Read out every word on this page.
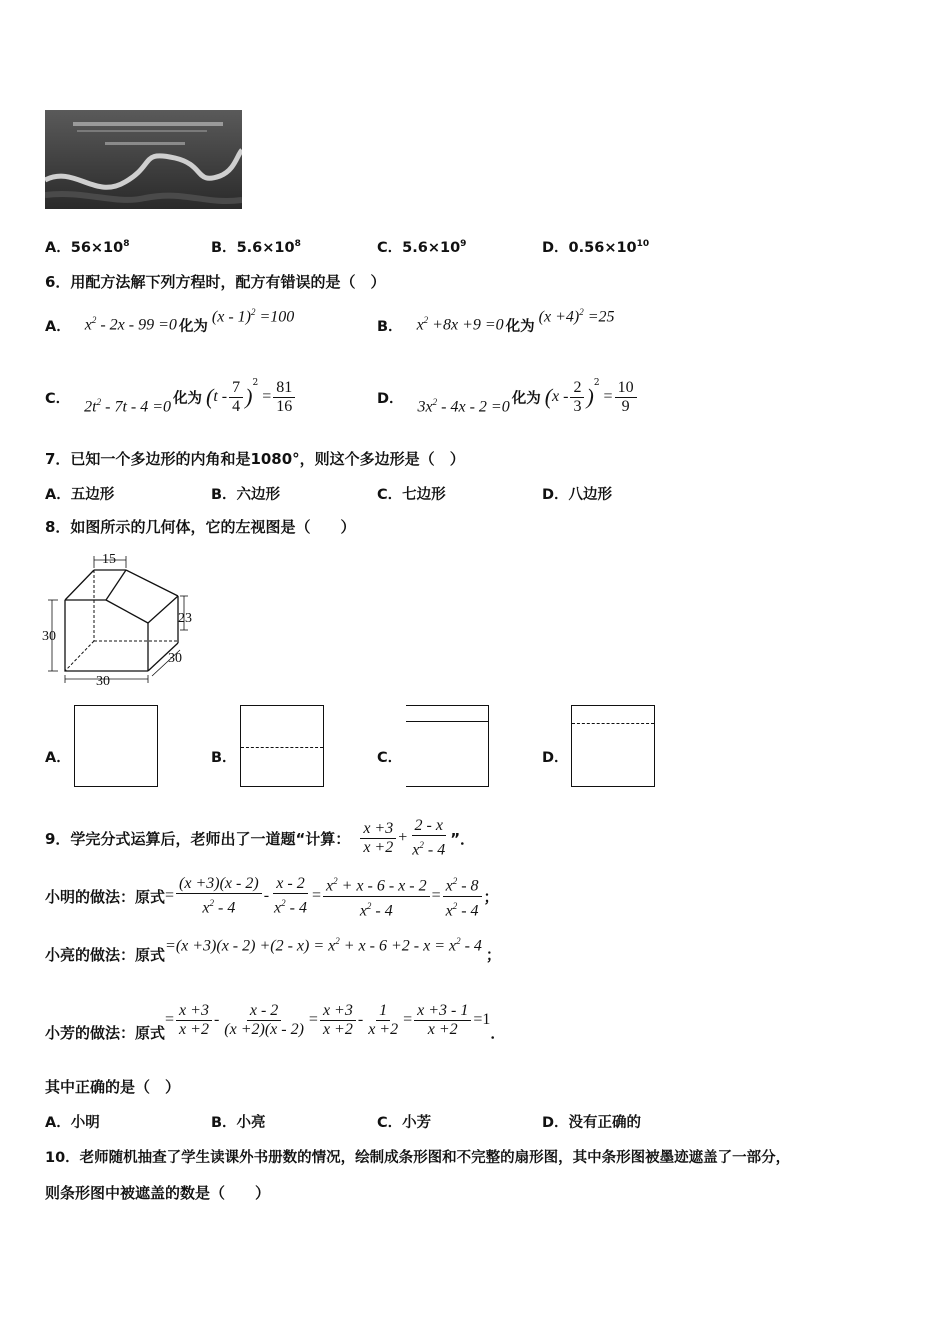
A．$56\times 10^8$	B．$5.6\times 10^8$	C．$5.6\times 10^9$	D．$0.56\times 10^{10}$
6．用配方法解下列方程时，配方有错误的是（　）
A． $x^2 - 2x - 99 =0$ 化为
(x - 1)$^2$ =100
B． $x^2 +8x +9 =0$ 化为
$(x +4)^2 =25$
C．
$2t^2 - 7t - 4 =0$
化为 ( t - $\frac{7}{4}$ )
$^2$
= $\frac{81}{16}$	D．
$3x^2 - 4x - 2 =0$
化为 ( x - $\frac{2}{3}$ )
$^2$
= $\frac{10}{9}$
7．已知一个多边形的内角和是1080°，则这个多边形是（　）
A．五边形	B．六边形	C．七边形	D．八边形
8．如图所示的几何体，它的左视图是（　　）
15
30
23
30
30
A．	B．	C．	D．
9．学完分式运算后，老师出了一道题“计算： $\frac{x +3}{x +2} + \frac{2 - x}{x^2 - 4}$ ”．
小明的做法：原式 = $\frac{(x +3)(x - 2)}{x^2 - 4} - \frac{x - 2}{x^2 - 4} = \frac{x^2 + x - 6 - x - 2}{x^2 - 4} = \frac{x^2 - 8}{x^2 - 4}$ ；
小亮的做法：原式 $=(x +3)(x - 2) +(2 - x) = x^2 + x - 6 +2 - x = x^2 - 4$ ；
小芳的做法：原式
= $\frac{x +3}{x +2} - \frac{x - 2}{(x +2)(x - 2)} = \frac{x +3}{x +2} - \frac{1}{x +2} = \frac{x +3 - 1}{x +2} =1$
．
其中正确的是（　）
A．小明	B．小亮	C．小芳	D．没有正确的
10．老师随机抽查了学生读课外书册数的情况，绘制成条形图和不完整的扇形图，其中条形图被墨迹遮盖了一部分，
则条形图中被遮盖的数是（　　）
